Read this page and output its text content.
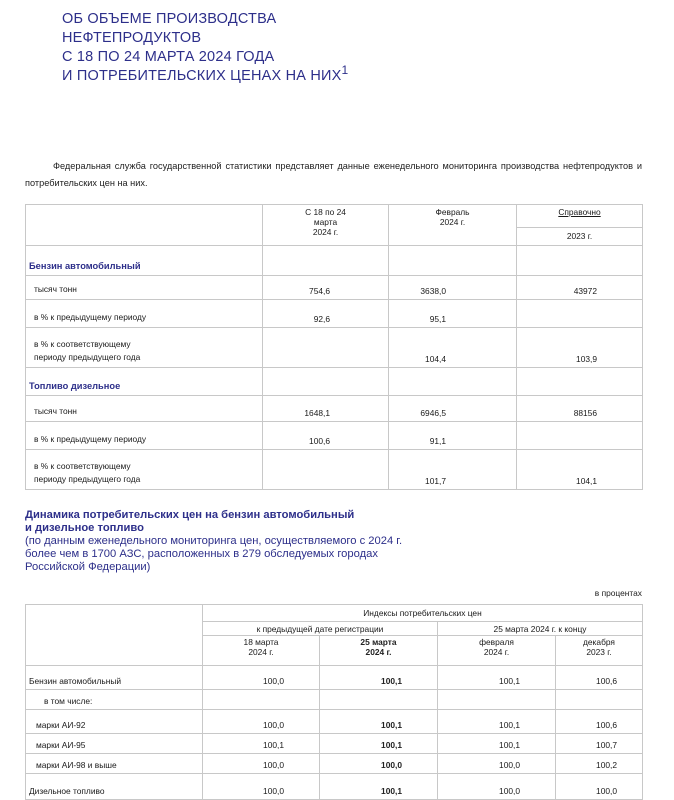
ОБ ОБЪЕМЕ ПРОИЗВОДСТВА
НЕФТЕПРОДУКТОВ
С 18 ПО 24 МАРТА 2024 ГОДА
И ПОТРЕБИТЕЛЬСКИХ ЦЕНАХ НА НИХ$^1$
Федеральная служба государственной статистики представляет данные еженедельного мониторинга производства нефтепродуктов и потребительских цен на них.
	С 18 по 24
марта
2024 г.	Февраль
2024 г.	Справочно
			2023 г.
Бензин автомобильный			
тысяч тонн	754,6	3638,0	43972
в % к предыдущему периоду	92,6	95,1	
в % к соответствующему
периоду предыдущего года		104,4	103,9
Топливо дизельное			
тысяч тонн	1648,1	6946,5	88156
в % к предыдущему периоду	100,6	91,1	
в % к соответствующему
периоду предыдущего года		101,7	104,1
Динамика потребительских цен на бензин автомобильный
и дизельное топливо
(по данным еженедельного мониторинга цен, осуществляемого с 2024 г.
более чем в 1700 АЗС, расположенных в 279 обследуемых городах
Российской Федерации)
в процентах
	Индексы потребительских цен			
	к предыдущей дате регистрации		25 марта 2024 г. к концу	
	18 марта
2024 г.	25 марта
2024 г.	февраля
2024 г.	декабря
2023 г.
Бензин автомобильный	100,0	100,1	100,1	100,6
в том числе:				
марки АИ-92	100,0	100,1	100,1	100,6
марки АИ-95	100,1	100,1	100,1	100,7
марки АИ-98 и выше	100,0	100,0	100,0	100,2
Дизельное топливо	100,0	100,1	100,0	100,0
